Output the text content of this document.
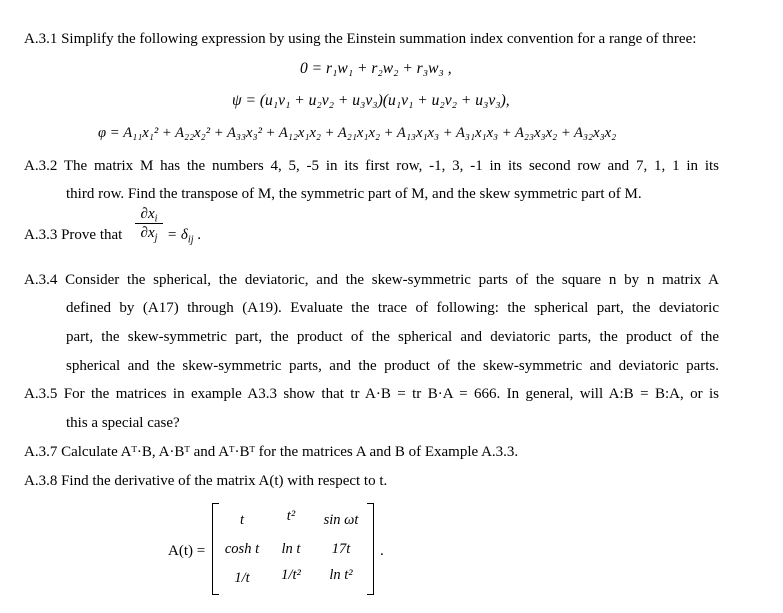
A.3.1 Simplify the following expression by using the Einstein summation index convention for a range of three:
0 = r₁w₁ + r₂w₂ + r₃w₃ ,
ψ = (u₁v₁ + u₂v₂ + u₃v₃)(u₁v₁ + u₂v₂ + u₃v₃),
φ = A₁₁x₁² + A₂₂x₂² + A₃₃x₃² + A₁₂x₁x₂ + A₂₁x₁x₂ + A₁₃x₁x₃ + A₃₁x₁x₃ + A₂₃x₃x₂ + A₃₂x₃x₂
A.3.2 The matrix M has the numbers 4, 5, -5 in its first row, -1, 3, -1 in its second row and 7, 1, 1 in its
third row. Find the transpose of M, the symmetric part of M, and the skew symmetric part of M.
A.3.3 Prove that
$\partial x_i$
$\partial x_j = \delta_{ij}$ .
A.3.4 Consider the spherical, the deviatoric, and the skew-symmetric parts of the square n by n matrix A
defined by (A17) through (A19). Evaluate the trace of following: the spherical part, the deviatoric
part, the skew-symmetric part, the product of the spherical and deviatoric parts, the product of the
spherical and the skew-symmetric parts, and the product of the skew-symmetric and deviatoric parts.
A.3.5 For the matrices in example A3.3 show that tr A·B = tr B·A = 666. In general, will A:B = B:A, or is
this a special case?
A.3.7 Calculate Aᵀ·B, A·Bᵀ and Aᵀ·Bᵀ for the matrices A and B of Example A.3.3.
A.3.8 Find the derivative of the matrix A(t) with respect to t.
A(t) =
t	t²	sin ωt
cosh t	ln t	17t
1/t	1/t²	ln t²
.
